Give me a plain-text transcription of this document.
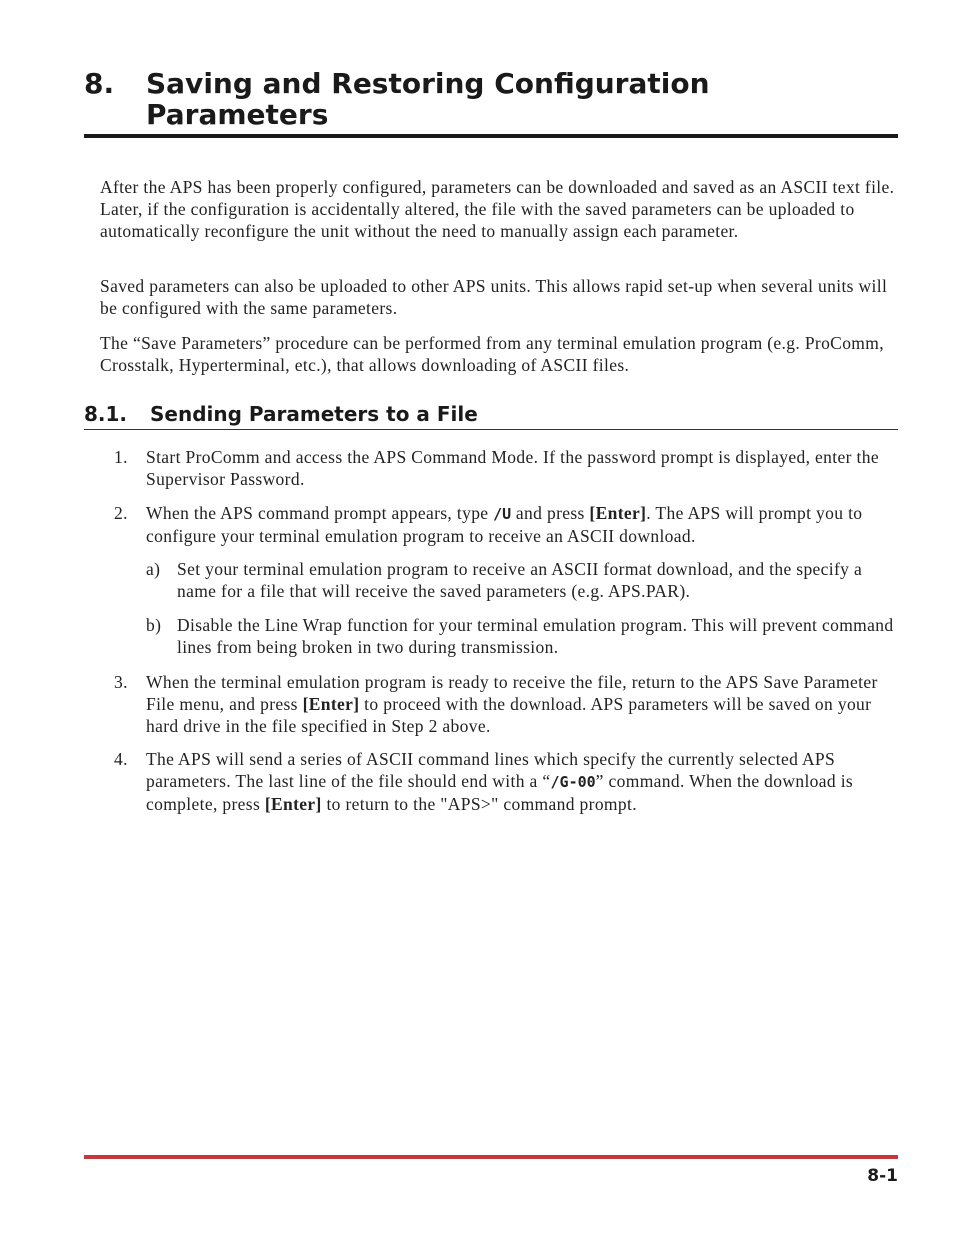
8. Saving and Restoring Configuration Parameters

After the APS has been properly configured, parameters can be downloaded and saved as an ASCII text file. Later, if the configuration is accidentally altered, the file with the saved parameters can be uploaded to automatically reconfigure the unit without the need to manually assign each parameter.

Saved parameters can also be uploaded to other APS units. This allows rapid set-up when several units will be configured with the same parameters.

The “Save Parameters” procedure can be performed from any terminal emulation program (e.g. ProComm, Crosstalk, Hyperterminal, etc.), that allows downloading of ASCII files.

8.1. Sending Parameters to a File
1. Start ProComm and access the APS Command Mode. If the password prompt is displayed, enter the Supervisor Password.
2. When the APS command prompt appears, type /U and press [Enter]. The APS will prompt you to configure your terminal emulation program to receive an ASCII download.
a) Set your terminal emulation program to receive an ASCII format download, and the specify a name for a file that will receive the saved parameters (e.g. APS.PAR).
b) Disable the Line Wrap function for your terminal emulation program. This will prevent command lines from being broken in two during transmission.
3. When the terminal emulation program is ready to receive the file, return to the APS Save Parameter File menu, and press [Enter] to proceed with the download. APS parameters will be saved on your hard drive in the file specified in Step 2 above.
4. The APS will send a series of ASCII command lines which specify the currently selected APS parameters. The last line of the file should end with a “/G-00” command. When the download is complete, press [Enter] to return to the "APS>" command prompt.
8-1
